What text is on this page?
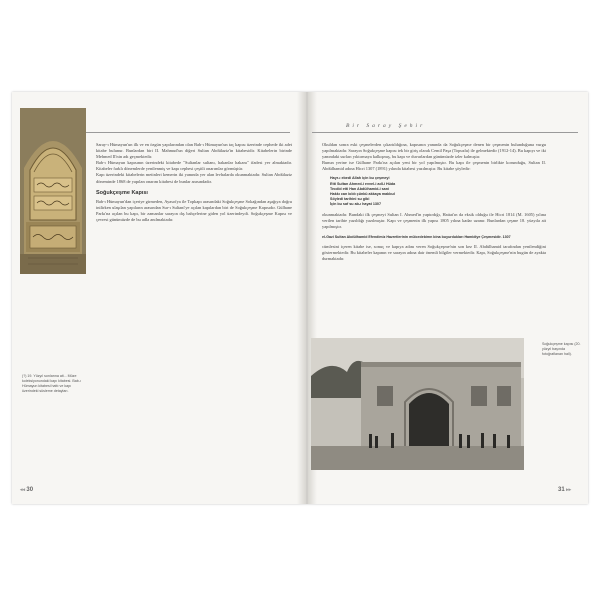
Saray-ı Hümayun'un ilk ve en özgün yapılarından olan Bab-ı Hümayun'un taç kapısı üzerinde cephede iki adet kitabe bulunur. Bunlardan biri II. Mahmud'un diğeri Sultan Abdülaziz'in kitabesidir. Kitabelerin birinde Mehmed II'nin adı geçmektedir.

Bab-ı Hümayun kapısının üzerindeki kitabede "Sultanlar sultanı, hakanlar hakanı" ifadesi yer almaktadır. Kitabeler farklı dönemlerde yenilenmiş ve kapı cephesi çeşitli onarımlar görmüştür.

Kapı üzerindeki kitabelerin metinleri kemerin iki yanında yer alan levhalarda okunmaktadır. Sultan Abdülaziz döneminde 1868 de yapılan onarım kitabesi de bunlar arasındadır.

Soğukçeşme Kapısı

Bab-ı Hümayun'dan içeriye girmeden, Ayasofya ile Topkapı arasındaki Soğukçeşme Sokağından aşağıya doğru inilirken ulaşılan yapıların arasından Sur-ı Sultani'ye açılan kapılardan biri de Soğukçeşme Kapısıdır. Gülhane Parkı'na açılan bu kapı, bir zamanlar sarayın dış bahçelerine giden yol üzerindeydi. Soğukçeşme Kapısı ve çevresi günümüzde de bu adla anılmaktadır.

(?) 19. Yüzyıl sonlarına ait... Müze koleksiyonundaki kapı kitabesi. Bab-ı Hümayun kitabesi hattı ve kapı üzerindeki süsleme detayları.
◂◂ 30
Bir Saray Şehir

Okuldan sonra eski çeşmelerden çıkartıldığına, kapısının yanında da Soğukçeşme denen bir çeşmenin bulunduğuna vurgu yapılmaktadır. Sarayın Soğukçeşme kapısı tek bir giriş olarak Cemil Paşa (Topuzlu) ile gelmektedir (1912-14). Bu kapıyı ve iki yanındaki surları yıktırmaya kalkışmış, bu kapı ve duvarlardan günümüzde izler kalmıştır.

Bunun yerine ise Gülhane Parkı'na açılan yeni bir yol yapılmıştır. Bu kapı ile çeşmenin birlikte korunduğu, Sultan II. Abdülhamid adına Hicri 1307 (1891) yılında kitabesi yazılmıştır. Bu kitabe şöyledir:

Hayr-ı ebedi Allah için bu çeşmeyi
Etti Sultan Ahmed-i evvel-i adl-i Hüda
Tecdid etti Han Abdülhamid-i sani
Hakkı can kıldı çünkü akkaya makbul
Söyledi tarihini su gibi
İçin bu saf su ab-ı hayat 1307

okunmaktadır. Bundaki ilk çeşmeyi Sultan I. Ahmed'in yaptırdığı, Hattat'ın da eksik olduğu ile Hicri 1814 (M. 1605) yılına verilen tarihte yazıldığı yazılmıştır. Kapı ve çeşmenin ilk yapısı 1805 yılına kadar uzanır. Bunlardan çeşme 18. yüzyıla ait yapılmıştır.

el-Gazi Sultan Abdülhamid Efendimiz Hazretlerinin mülcedebimn bina buyurdukları Hamidiye Çeşmesidir. 1307

cümlesini içeren kitabe ise, sonuç ve kapıya adını veren Soğukçeşme'nin son kez II. Abdülhamid tarafından yenilendiğini göstermektedir. Bu kitabeler kapının ve sarayın adına dair önemli bilgiler vermektedir. Kapı, Soğukçeşme'nin bugün de ayakta durmaktadır.

Soğukçeşme kapısı (20. yüzyıl başında fotoğraflanan hali).
31 ▸▸
